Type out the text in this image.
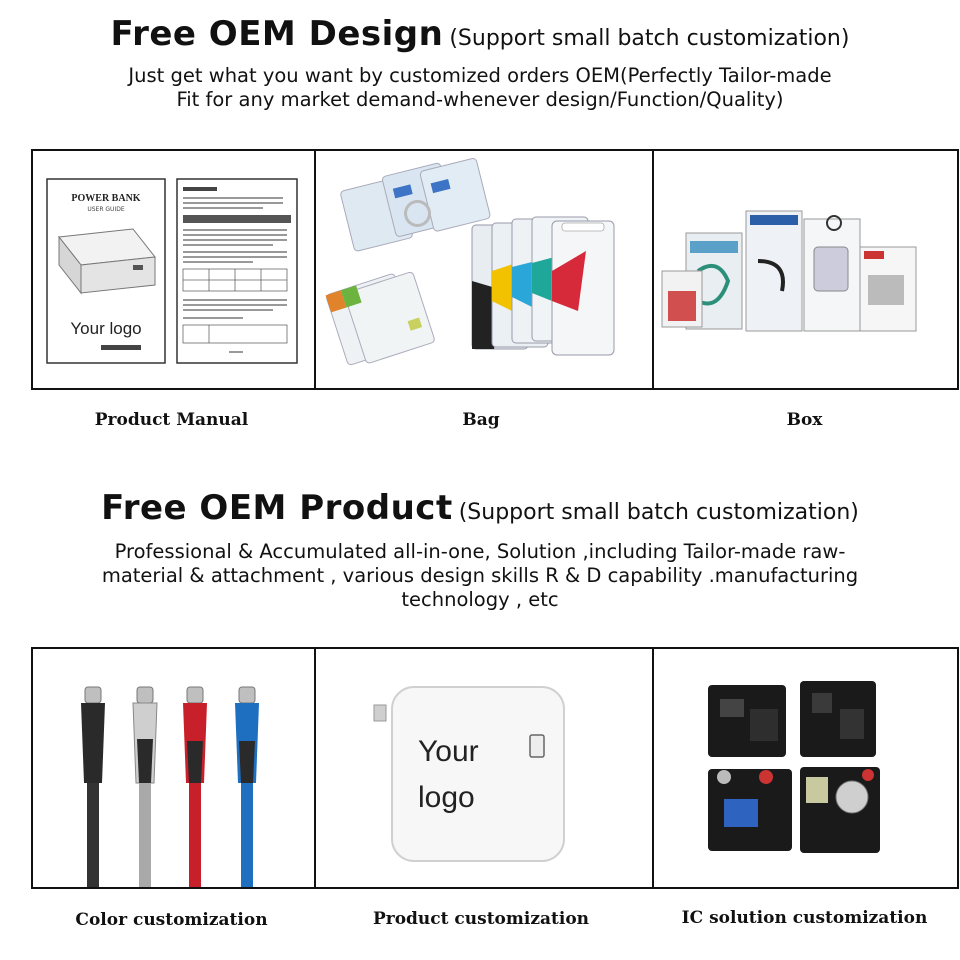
Free OEM Design (Support small batch customization)
Just get what you want by customized orders OEM(Perfectly Tailor-made
Fit for any market demand-whenever design/Function/Quality)
POWER BANK
USER GUIDE
Your logo
Product Manual	Bag	Box
Free OEM Product (Support small batch customization)
Professional & Accumulated all-in-one, Solution ,including Tailor-made raw-
material & attachment , various design skills R & D capability .manufacturing
technology , etc
Your
logo
Color customization	Product customization	IC solution customization
